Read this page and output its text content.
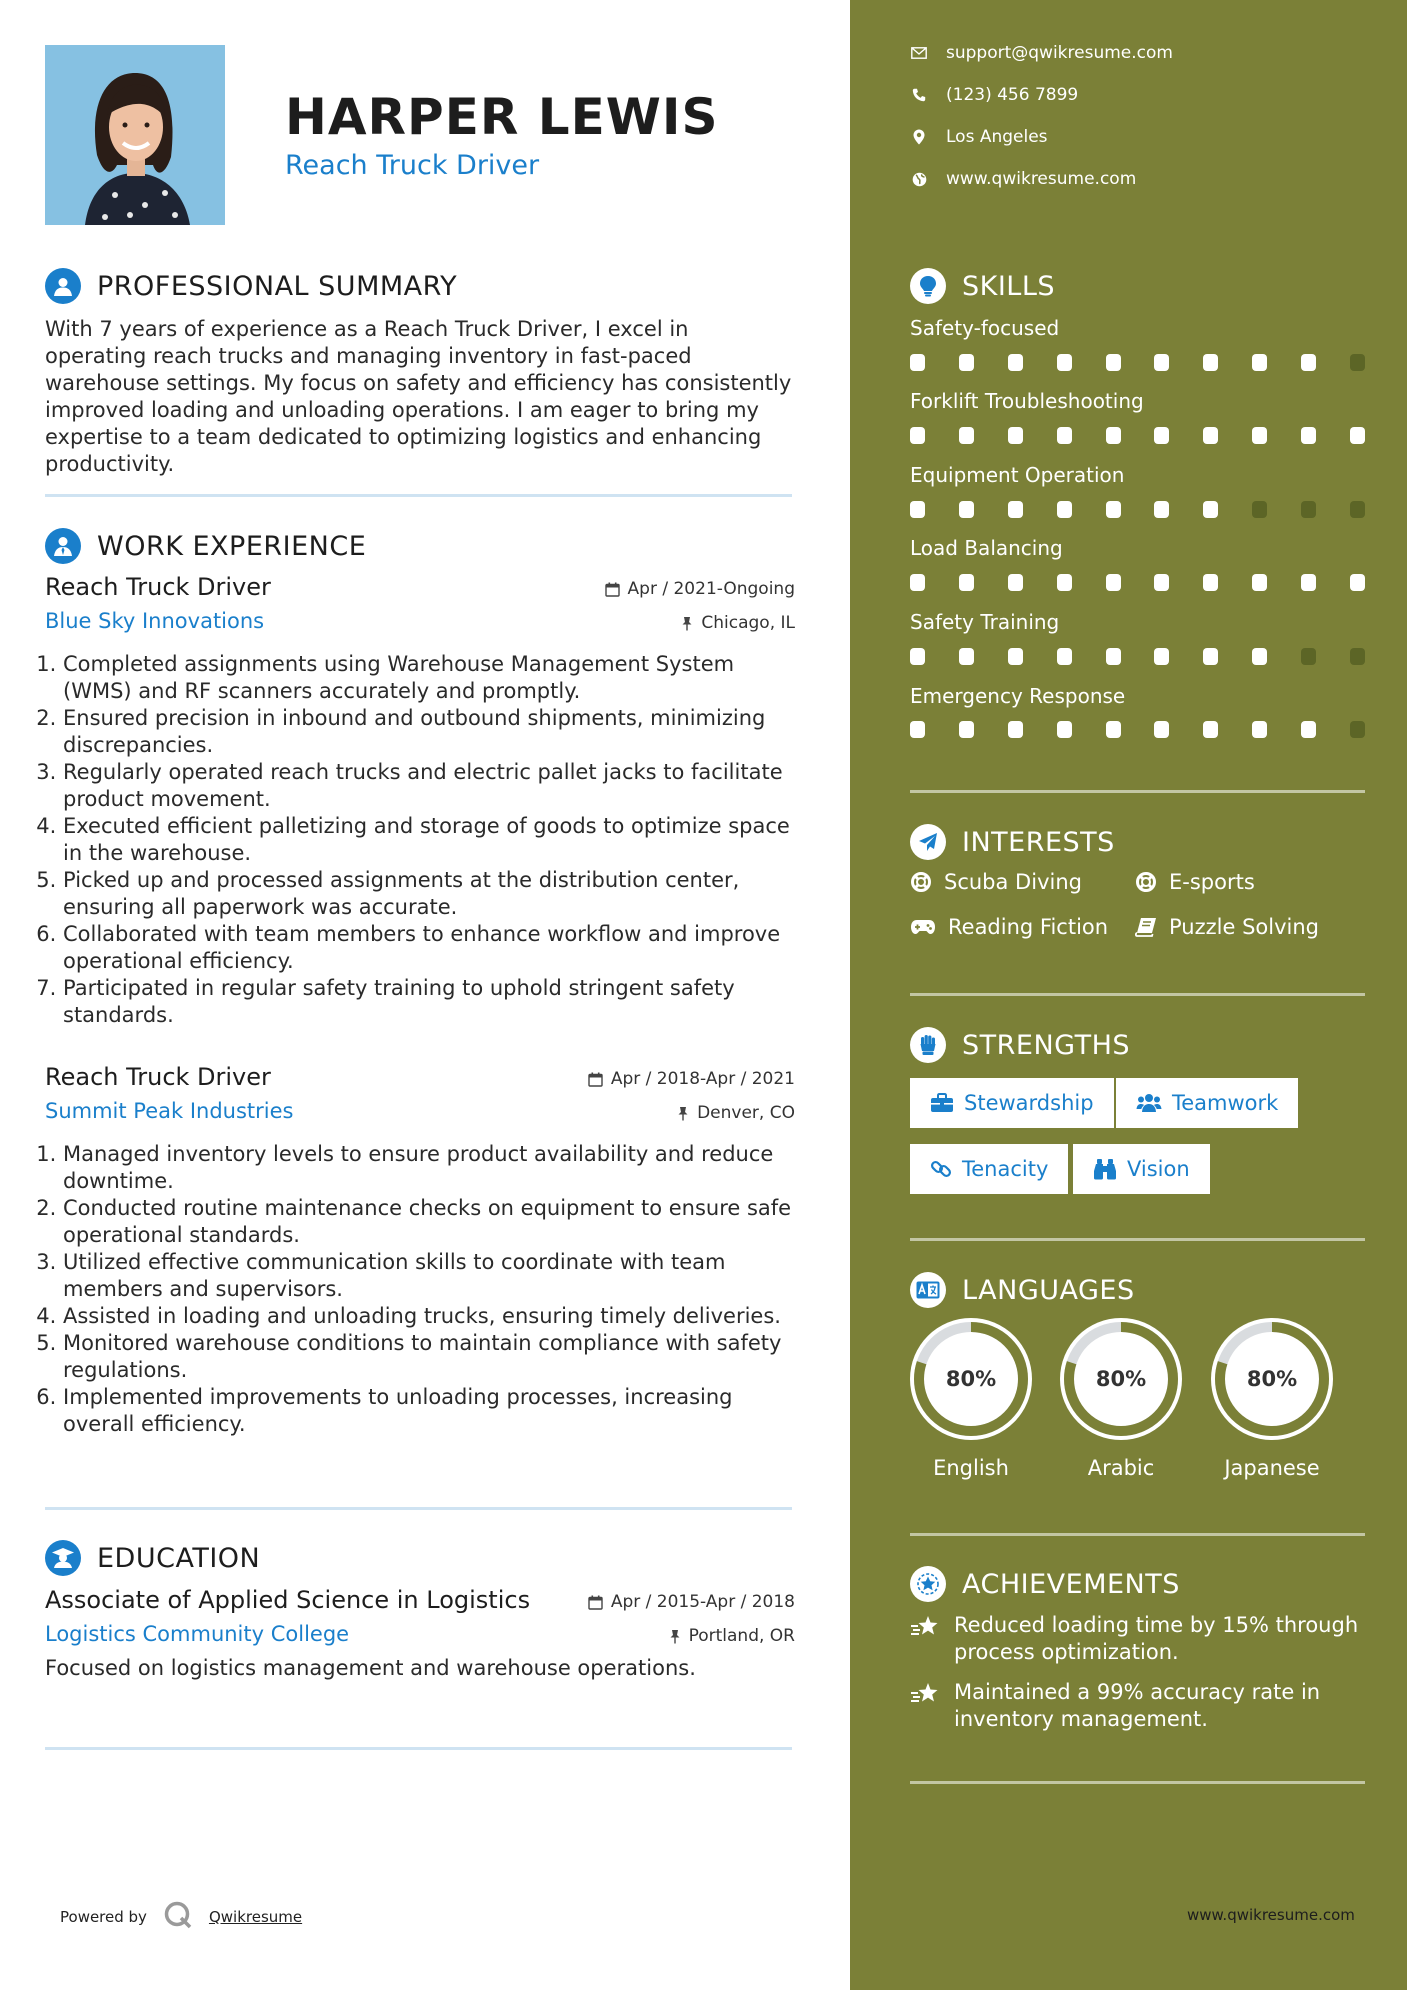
HARPER LEWIS
Reach Truck Driver
PROFESSIONAL SUMMARY
With 7 years of experience as a Reach Truck Driver, I excel in operating reach trucks and managing inventory in fast-paced warehouse settings. My focus on safety and efficiency has consistently improved loading and unloading operations. I am eager to bring my expertise to a team dedicated to optimizing logistics and enhancing productivity.
WORK EXPERIENCE
Reach Truck Driver
Blue Sky Innovations
Apr / 2021-Ongoing
Chicago, IL
1. Completed assignments using Warehouse Management System (WMS) and RF scanners accurately and promptly.
2. Ensured precision in inbound and outbound shipments, minimizing discrepancies.
3. Regularly operated reach trucks and electric pallet jacks to facilitate product movement.
4. Executed efficient palletizing and storage of goods to optimize space in the warehouse.
5. Picked up and processed assignments at the distribution center, ensuring all paperwork was accurate.
6. Collaborated with team members to enhance workflow and improve operational efficiency.
7. Participated in regular safety training to uphold stringent safety standards.
Reach Truck Driver
Summit Peak Industries
Apr / 2018-Apr / 2021
Denver, CO
1. Managed inventory levels to ensure product availability and reduce downtime.
2. Conducted routine maintenance checks on equipment to ensure safe operational standards.
3. Utilized effective communication skills to coordinate with team members and supervisors.
4. Assisted in loading and unloading trucks, ensuring timely deliveries.
5. Monitored warehouse conditions to maintain compliance with safety regulations.
6. Implemented improvements to unloading processes, increasing overall efficiency.
EDUCATION
Associate of Applied Science in Logistics
Logistics Community College
Apr / 2015-Apr / 2018
Portland, OR
Focused on logistics management and warehouse operations.
Powered by	Qwikresume
support@qwikresume.com
(123) 456 7899
Los Angeles
www.qwikresume.com
SKILLS
Safety-focused
Forklift Troubleshooting
Equipment Operation
Load Balancing
Safety Training
Emergency Response
INTERESTS
Scuba Diving	E-sports
Reading Fiction	Puzzle Solving
STRENGTHS
Stewardship	Teamwork
Tenacity	Vision
LANGUAGES
80%
English
80%
Arabic
80%
Japanese
ACHIEVEMENTS
Reduced loading time by 15% through process optimization.
Maintained a 99% accuracy rate in inventory management.
www.qwikresume.com
